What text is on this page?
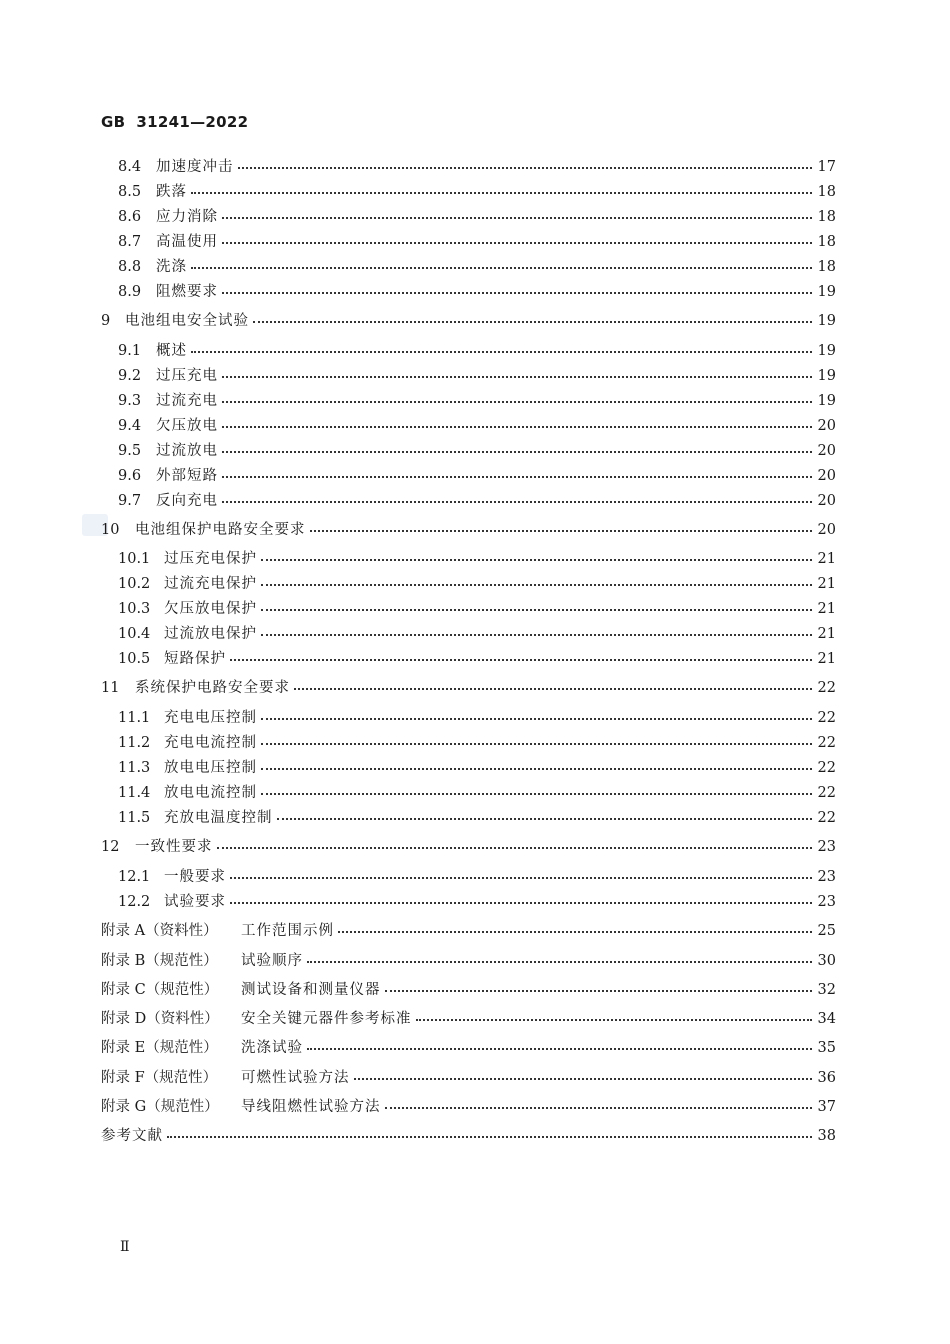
GB  31241—2022
8.4	加速度冲击	17
8.5	跌落	18
8.6	应力消除	18
8.7	高温使用	18
8.8	洗涤	18
8.9	阻燃要求	19
9	电池组电安全试验	19
9.1	概述	19
9.2	过压充电	19
9.3	过流充电	19
9.4	欠压放电	20
9.5	过流放电	20
9.6	外部短路	20
9.7	反向充电	20
10	电池组保护电路安全要求	20
10.1 过压充电保护	21
10.2 过流充电保护	21
10.3 欠压放电保护	21
10.4 过流放电保护	21
10.5 短路保护	21
11	系统保护电路安全要求	22
11.1 充电电压控制	22
11.2 充电电流控制	22
11.3 放电电压控制	22
11.4 放电电流控制	22
11.5 充放电温度控制	22
12	一致性要求	23
12.1 一般要求	23
12.2 试验要求	23
附录 A（资料性）	工作范围示例	25
附录 B（规范性）	试验顺序	30
附录 C（规范性）	测试设备和测量仪器	32
附录 D（资料性）	安全关键元器件参考标准	34
附录 E（规范性）	洗涤试验	35
附录 F（规范性）	可燃性试验方法	36
附录 G（规范性）	导线阻燃性试验方法	37
参考文献	38
Ⅱ
